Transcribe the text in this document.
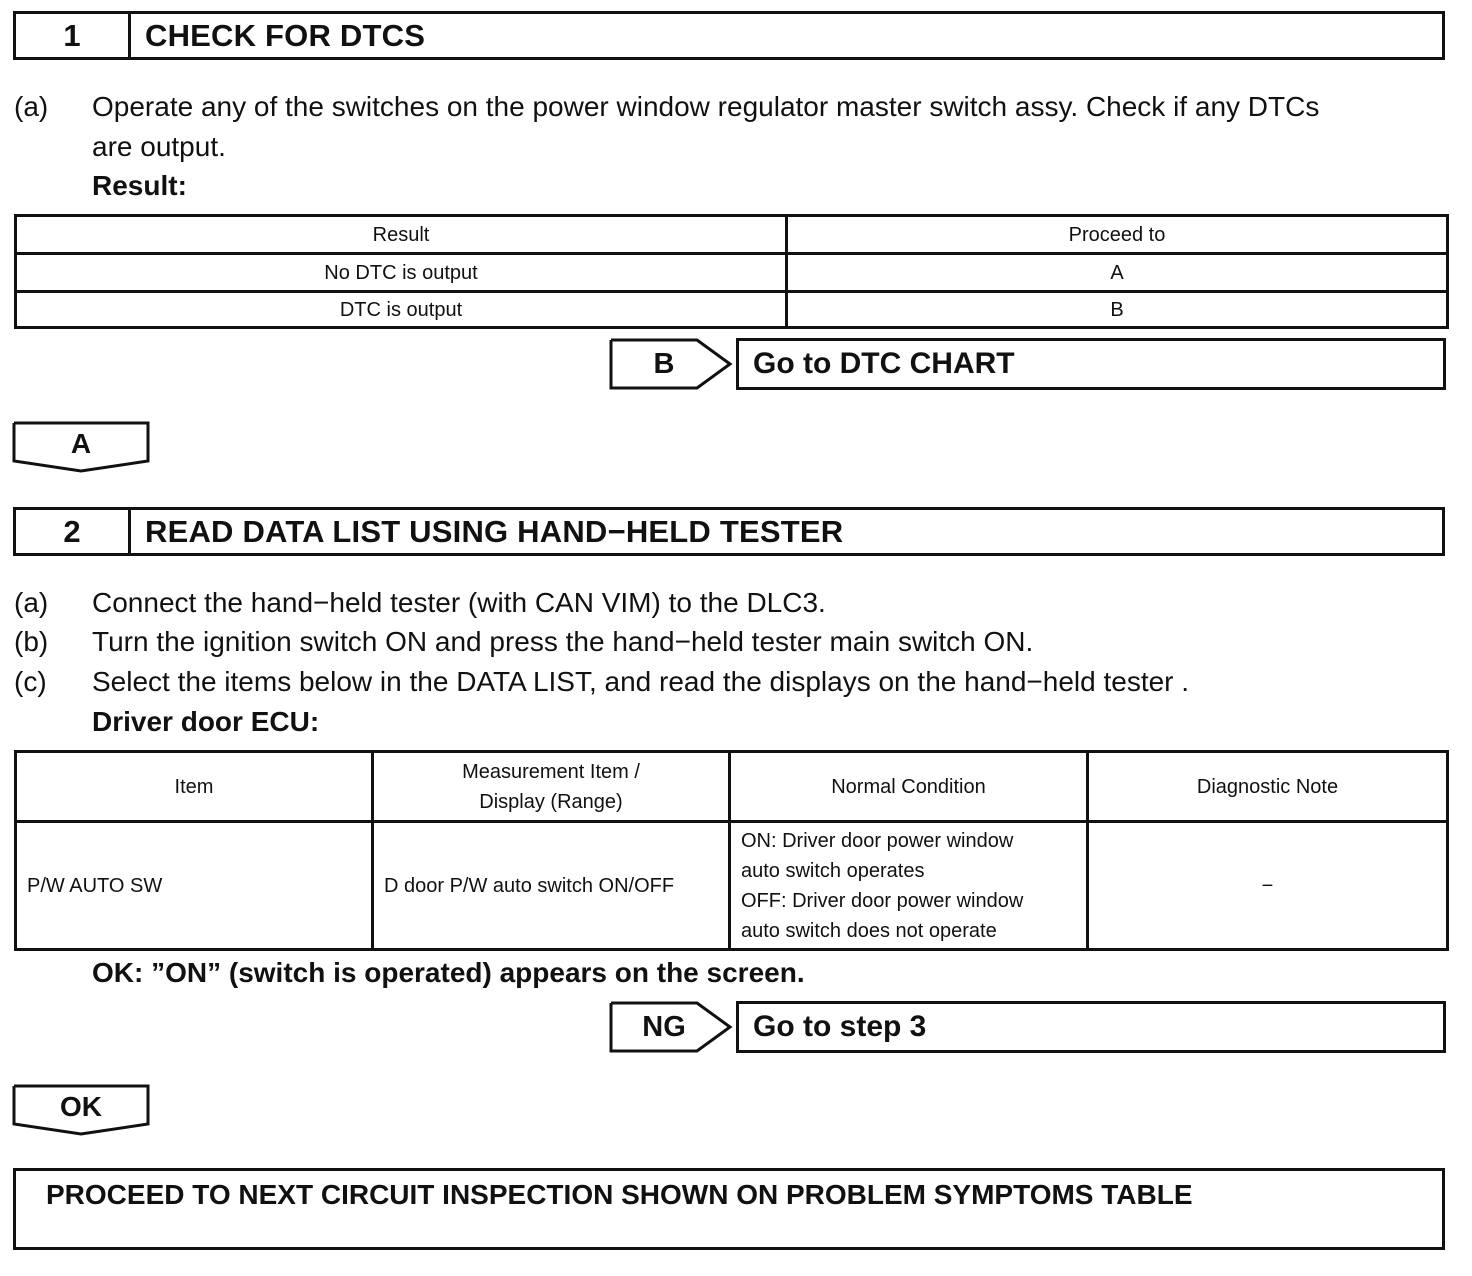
1	CHECK FOR DTCS
(a) Operate any of the switches on the power window regulator master switch assy. Check if any DTCs
are output.
Result:
Result	Proceed to
No DTC is output	A
DTC is output	B
B	Go to DTC CHART
A
2	READ DATA LIST USING HAND−HELD TESTER
(a) Connect the hand−held tester (with CAN VIM) to the DLC3.
(b) Turn the ignition switch ON and press the hand−held tester main switch ON.
(c) Select the items below in the DATA LIST, and read the displays on the hand−held tester .
Driver door ECU:
Item	Measurement Item /
Display (Range)	Normal Condition	Diagnostic Note
P/W AUTO SW	D door P/W auto switch ON/OFF	ON: Driver door power window
auto switch operates
OFF: Driver door power window
auto switch does not operate	−
OK: ”ON” (switch is operated) appears on the screen.
NG	Go to step 3
OK
PROCEED TO NEXT CIRCUIT INSPECTION SHOWN ON PROBLEM SYMPTOMS TABLE
